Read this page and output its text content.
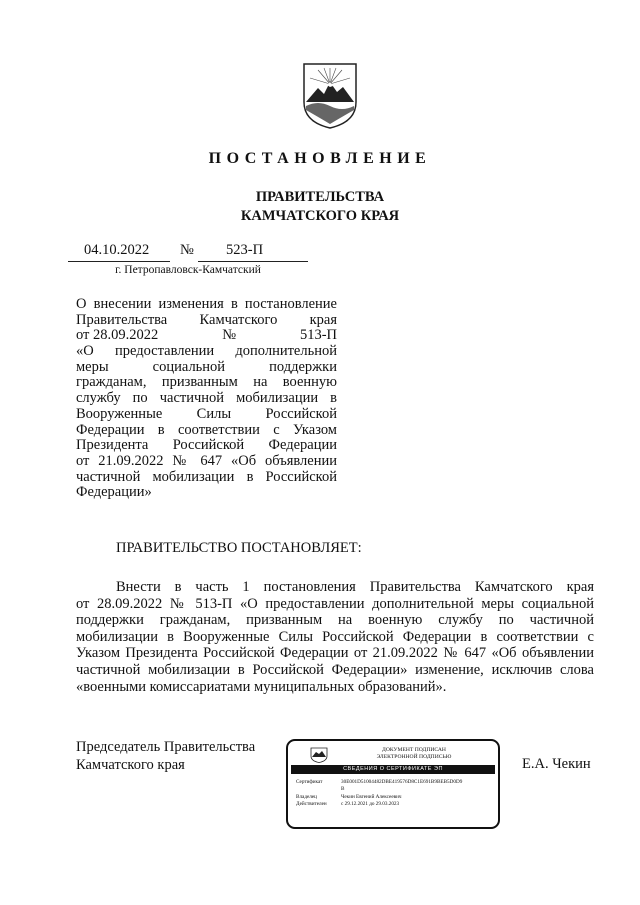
ПОСТАНОВЛЕНИЕ
ПРАВИТЕЛЬСТВА
КАМЧАТСКОГО КРАЯ
04.10.2022 № 523-П
г. Петропавловск-Камчатский
О внесении изменения в постановление
Правительства Камчатского края
от 28.09.2022	№	513-П
«О предоставлении дополнительной
меры социальной поддержки
гражданам, призванным на военную
службу по частичной мобилизации в
Вооруженные Силы Российской
Федерации в соответствии с Указом
Президента Российской Федерации
от 21.09.2022 № 647 «Об объявлении
частичной мобилизации в Российской
Федерации»
ПРАВИТЕЛЬСТВО ПОСТАНОВЛЯЕТ:
Внести в часть 1 постановления Правительства Камчатского края
от 28.09.2022 № 513-П «О предоставлении дополнительной меры социальной
поддержки гражданам, призванным на военную службу по частичной
мобилизации в Вооруженные Силы Российской Федерации в соответствии с
Указом Президента Российской Федерации от 21.09.2022 № 647 «Об объявлении
частичной мобилизации в Российской Федерации» изменение, исключив слова
«военными комиссариатами муниципальных образований».
Председатель Правительства
Камчатского края
ДОКУМЕНТ ПОДПИСАН
ЭЛЕКТРОННОЙ ПОДПИСЬЮ
СВЕДЕНИЯ О СЕРТИФИКАТЕ ЭП
Сертификат	30E001D51004482DBE419576D8C1E691B9BEB5D0D9
B
Владелец	Чекин Евгений Алексеевич
Действителен	с 29.12.2021 до 29.03.2023
Е.А. Чекин
